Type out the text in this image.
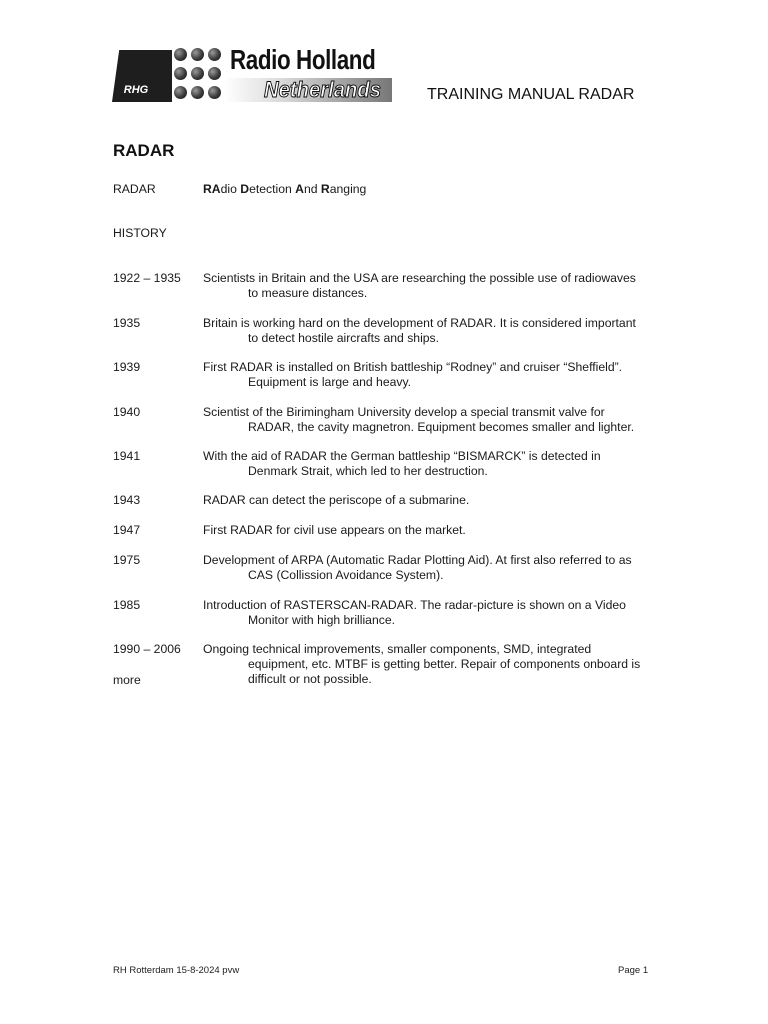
RHG
Radio Holland
Netherlands	TRAINING MANUAL RADAR
RADAR
RADAR	RAdio Detection And Ranging
HISTORY
1922 – 1935 Scientists in Britain and the USA are researching the possible use of radiowaves
to measure distances.
1935	Britain is working hard on the development of RADAR. It is considered important
to detect hostile aircrafts and ships.
1939	First RADAR is installed on British battleship “Rodney” and cruiser “Sheffield”.
Equipment is large and heavy.
1940	Scientist of the Birimingham University develop a special transmit valve for
RADAR, the cavity magnetron. Equipment becomes smaller and lighter.
1941	With the aid of RADAR the German battleship “BISMARCK” is detected in
Denmark Strait, which led to her destruction.
1943	RADAR can detect the periscope of a submarine.
1947	First RADAR for civil use appears on the market.
1975	Development of ARPA (Automatic Radar Plotting Aid). At first also referred to as
CAS (Collission Avoidance System).
1985	Introduction of RASTERSCAN-RADAR. The radar-picture is shown on a Video
Monitor with high brilliance.
1990 – 2006 Ongoing technical improvements, smaller components, SMD, integrated
equipment, etc. MTBF is getting better. Repair of components onboard is
difficult or not possible.
more
RH Rotterdam 15-8-2024 pvw	Page 1
